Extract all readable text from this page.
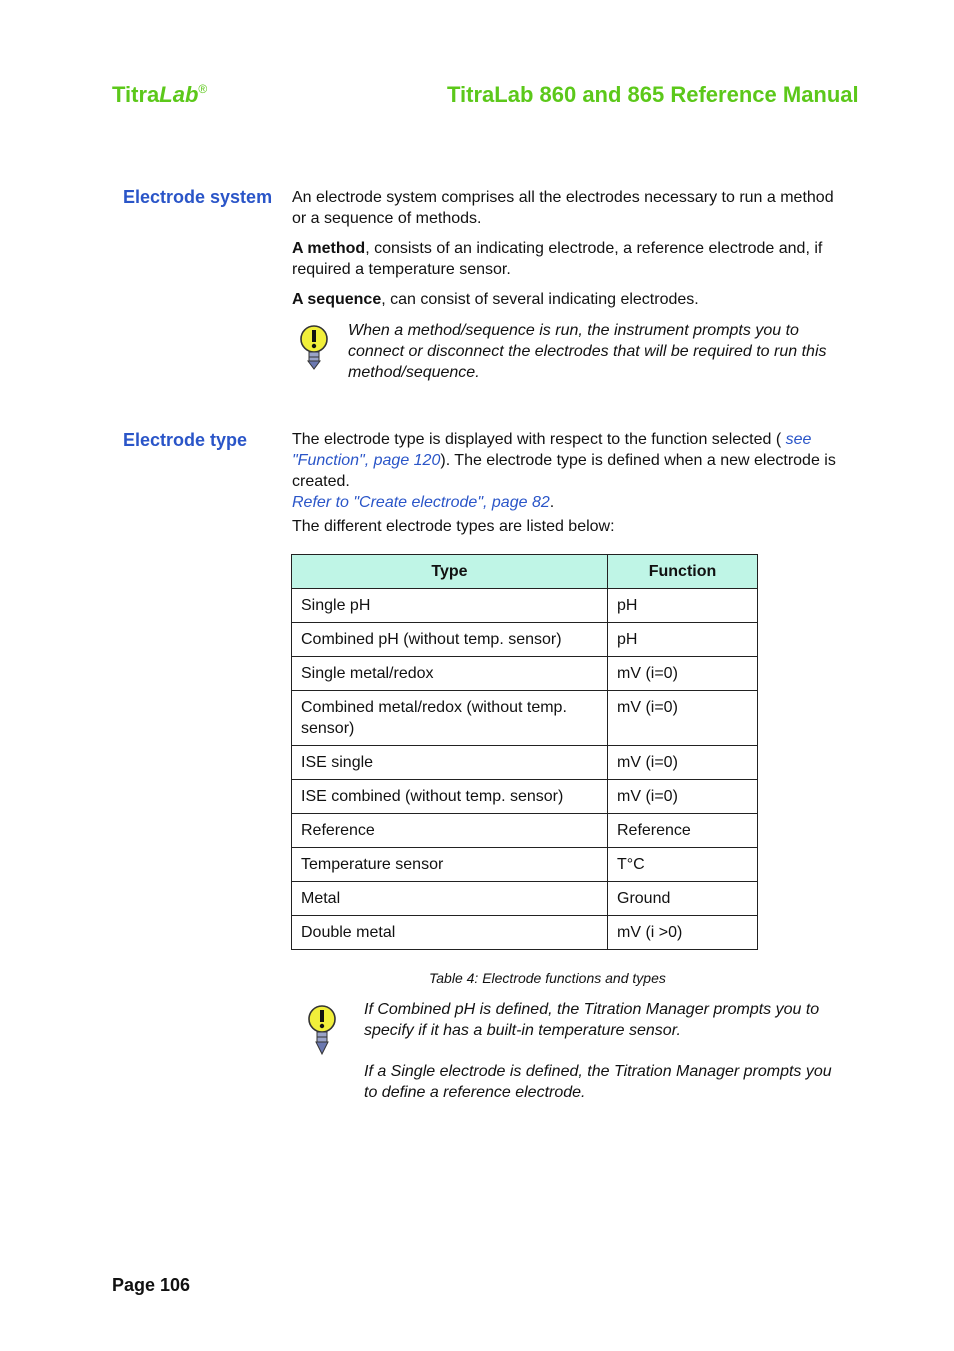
TitraLab®	TitraLab 860 and 865 Reference Manual
Electrode system An electrode system comprises all the electrodes necessary to run a method or a sequence of methods.

A method, consists of an indicating electrode, a reference electrode and, if required a temperature sensor.

A sequence, can consist of several indicating electrodes.

When a method/sequence is run, the instrument prompts you to connect or disconnect the electrodes that will be required to run this method/sequence.
Electrode type	The electrode type is displayed with respect to the function selected ( see "Function", page 120). The electrode type is defined when a new electrode is created.

Refer to "Create electrode", page 82.

The different electrode types are listed below:

Type	Function
Single pH	pH
Combined pH (without temp. sensor)	pH
Single metal/redox	mV (i=0)
Combined metal/redox (without temp. sensor)	mV (i=0)
ISE single	mV (i=0)
ISE combined (without temp. sensor)	mV (i=0)
Reference	Reference
Temperature sensor	T°C
Metal	Ground
Double metal	mV (i >0)
Table 4: Electrode functions and types

If Combined pH is defined, the Titration Manager prompts you to specify if it has a built-in temperature sensor.

If a Single electrode is defined, the Titration Manager prompts you to define a reference electrode.

Page 106
